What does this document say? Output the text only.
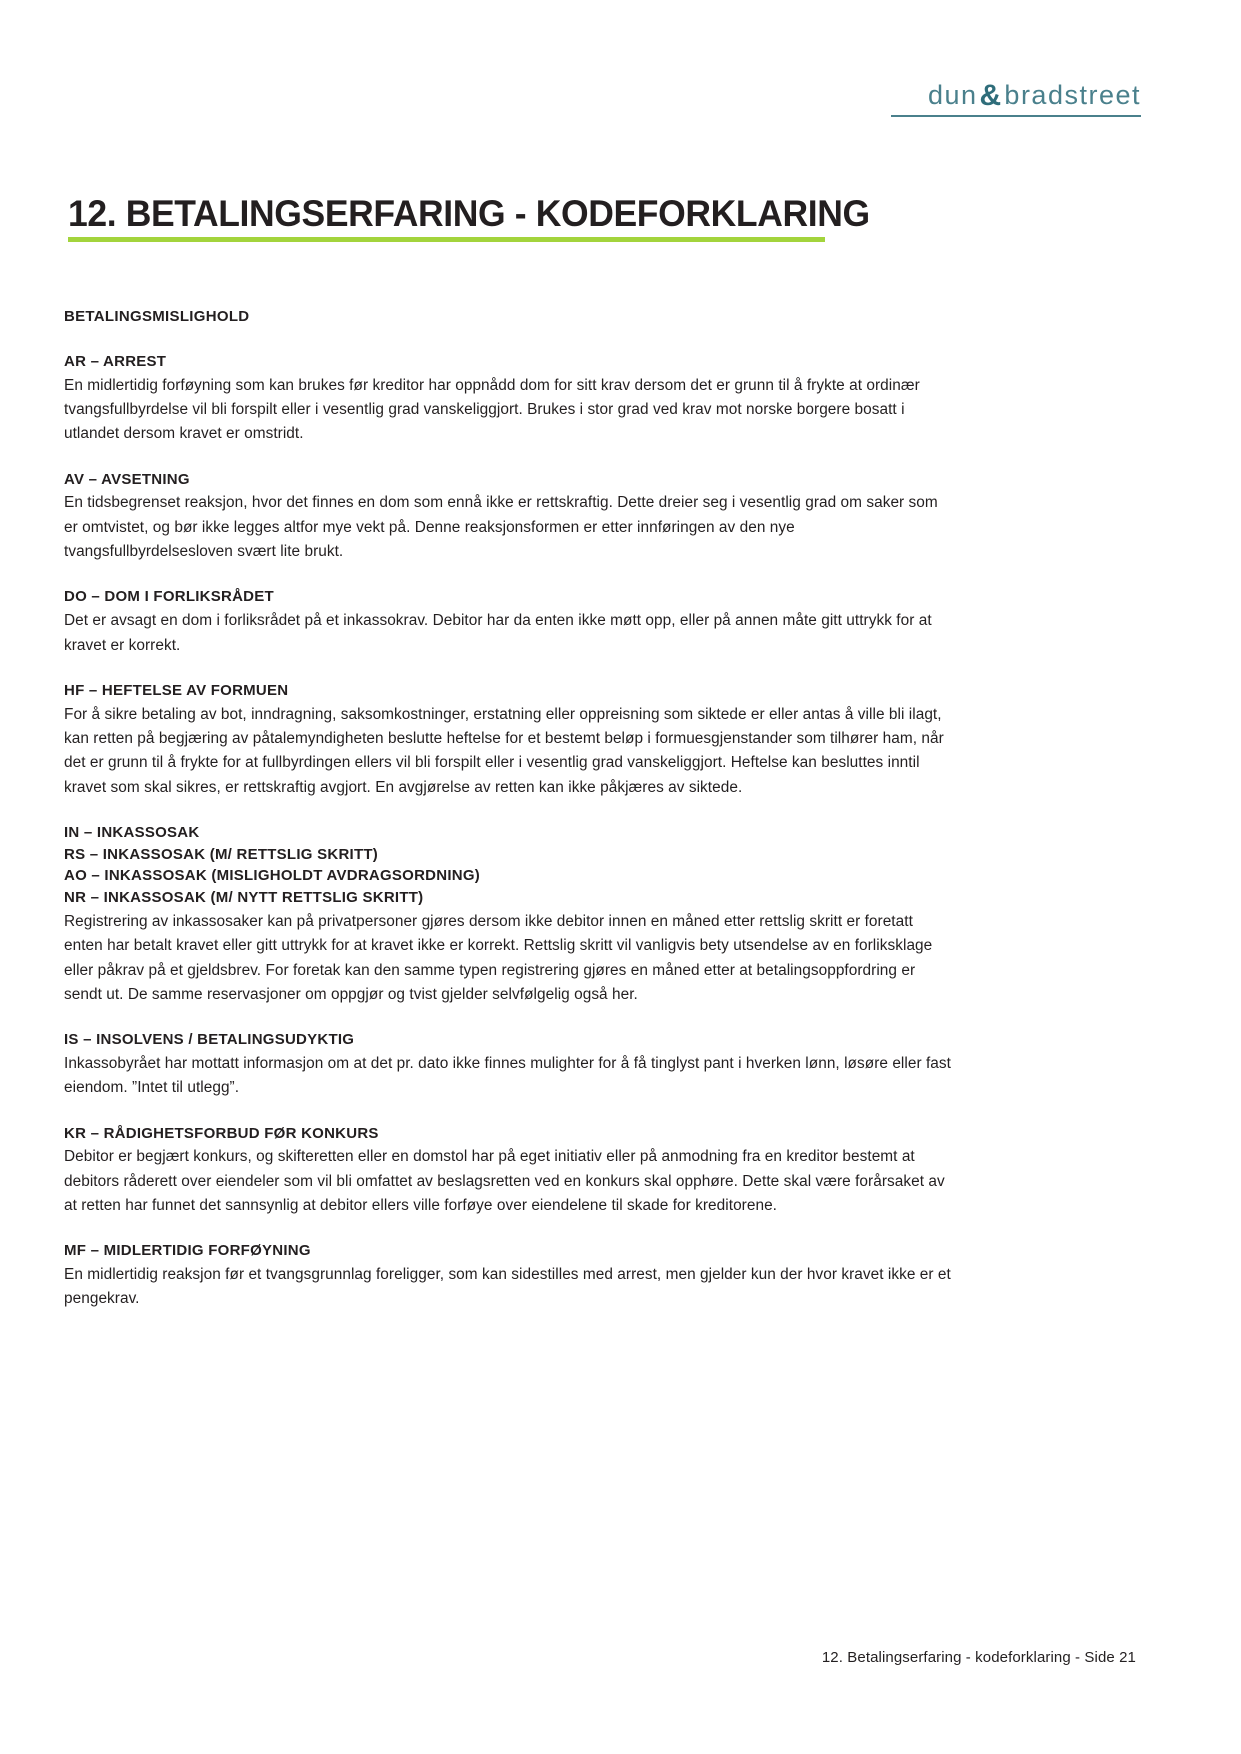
dun & bradstreet
12. BETALINGSERFARING - KODEFORKLARING
BETALINGSMISLIGHOLD

AR – ARREST

En midlertidig forføyning som kan brukes før kreditor har oppnådd dom for sitt krav dersom det er grunn til å frykte at ordinær tvangsfullbyrdelse vil bli forspilt eller i vesentlig grad vanskeliggjort. Brukes i stor grad ved krav mot norske borgere bosatt i utlandet dersom kravet er omstridt.

AV – AVSETNING

En tidsbegrenset reaksjon, hvor det finnes en dom som ennå ikke er rettskraftig. Dette dreier seg i vesentlig grad om saker som er omtvistet, og bør ikke legges altfor mye vekt på. Denne reaksjonsformen er etter innføringen av den nye tvangsfullbyrdelsesloven svært lite brukt.

DO – DOM I FORLIKSRÅDET

Det er avsagt en dom i forliksrådet på et inkassokrav. Debitor har da enten ikke møtt opp, eller på annen måte gitt uttrykk for at kravet er korrekt.

HF – HEFTELSE AV FORMUEN

For å sikre betaling av bot, inndragning, saksomkostninger, erstatning eller oppreisning som siktede er eller antas å ville bli ilagt, kan retten på begjæring av påtalemyndigheten beslutte heftelse for et bestemt beløp i formuesgjenstander som tilhører ham, når det er grunn til å frykte for at fullbyrdingen ellers vil bli forspilt eller i vesentlig grad vanskeliggjort. Heftelse kan besluttes inntil kravet som skal sikres, er rettskraftig avgjort. En avgjørelse av retten kan ikke påkjæres av siktede.

IN – INKASSOSAK

RS – INKASSOSAK (M/ RETTSLIG SKRITT)

AO – INKASSOSAK (MISLIGHOLDT AVDRAGSORDNING)

NR – INKASSOSAK (M/ NYTT RETTSLIG SKRITT)

Registrering av inkassosaker kan på privatpersoner gjøres dersom ikke debitor innen en måned etter rettslig skritt er foretatt enten har betalt kravet eller gitt uttrykk for at kravet ikke er korrekt. Rettslig skritt vil vanligvis bety utsendelse av en forliksklage eller påkrav på et gjeldsbrev. For foretak kan den samme typen registrering gjøres en måned etter at betalingsoppfordring er sendt ut. De samme reservasjoner om oppgjør og tvist gjelder selvfølgelig også her.

IS – INSOLVENS / BETALINGSUDYKTIG

Inkassobyrået har mottatt informasjon om at det pr. dato ikke finnes mulighter for å få tinglyst pant i hverken lønn, løsøre eller fast eiendom. ”Intet til utlegg”.

KR – RÅDIGHETSFORBUD FØR KONKURS

Debitor er begjært konkurs, og skifteretten eller en domstol har på eget initiativ eller på anmodning fra en kreditor bestemt at debitors råderett over eiendeler som vil bli omfattet av beslagsretten ved en konkurs skal opphøre. Dette skal være forårsaket av at retten har funnet det sannsynlig at debitor ellers ville forføye over eiendelene til skade for kreditorene.

MF – MIDLERTIDIG FORFØYNING

En midlertidig reaksjon før et tvangsgrunnlag foreligger, som kan sidestilles med arrest, men gjelder kun der hvor kravet ikke er et pengekrav.

12. Betalingserfaring - kodeforklaring - Side 21
